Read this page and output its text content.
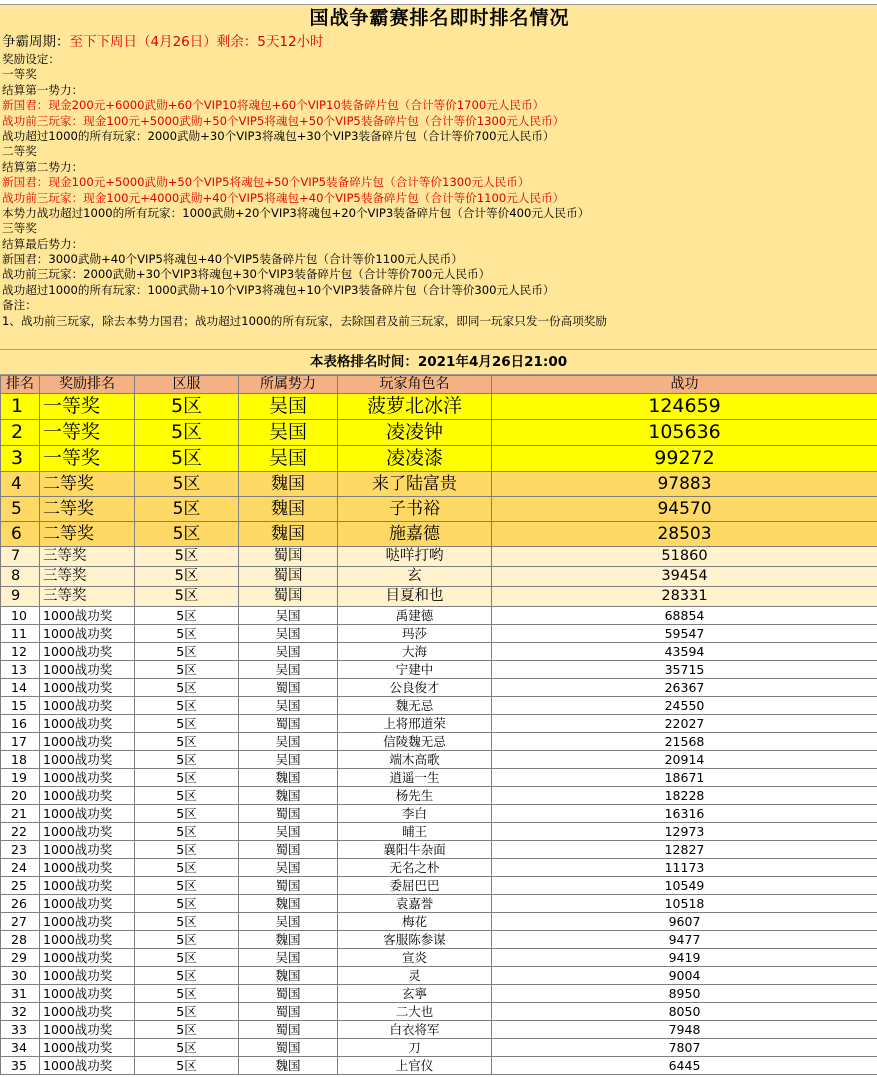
国战争霸赛排名即时排名情况
争霸周期：至下下周日（4月26日）剩余：5天12小时
奖励设定：
一等奖
结算第一势力：
新国君：现金200元+6000武勋+60个VIP10将魂包+60个VIP10装备碎片包（合计等价1700元人民币）
战功前三玩家：现金100元+5000武勋+50个VIP5将魂包+50个VIP5装备碎片包（合计等价1300元人民币）
战功超过1000的所有玩家：2000武勋+30个VIP3将魂包+30个VIP3装备碎片包（合计等价700元人民币）
二等奖
结算第二势力：
新国君：现金100元+5000武勋+50个VIP5将魂包+50个VIP5装备碎片包（合计等价1300元人民币）
战功前三玩家：现金100元+4000武勋+40个VIP5将魂包+40个VIP5装备碎片包（合计等价1100元人民币）
本势力战功超过1000的所有玩家：1000武勋+20个VIP3将魂包+20个VIP3装备碎片包（合计等价400元人民币）
三等奖
结算最后势力：
新国君：3000武勋+40个VIP5将魂包+40个VIP5装备碎片包（合计等价1100元人民币）
战功前三玩家：2000武勋+30个VIP3将魂包+30个VIP3装备碎片包（合计等价700元人民币）
战功超过1000的所有玩家：1000武勋+10个VIP3将魂包+10个VIP3装备碎片包（合计等价300元人民币）
备注：
1、战功前三玩家，除去本势力国君；战功超过1000的所有玩家，去除国君及前三玩家，即同一玩家只发一份高项奖励
本表格排名时间：2021年4月26日21:00
排名	奖励排名	区服	所属势力	玩家角色名	战功
1	一等奖	5区	吴国	菠萝北冰洋	124659
2	一等奖	5区	吴国	凌凌钟	105636
3	一等奖	5区	吴国	凌凌漆	99272
4	二等奖	5区	魏国	来了陆富贵	97883
5	二等奖	5区	魏国	子书裕	94570
6	二等奖	5区	魏国	施嘉德	28503
7	三等奖	5区	蜀国	哒咩打哟	51860
8	三等奖	5区	蜀国	玄	39454
9	三等奖	5区	蜀国	目夏和也	28331
10	1000战功奖	5区	吴国	禹建德	68854
11	1000战功奖	5区	吴国	玛莎	59547
12	1000战功奖	5区	吴国	大海	43594
13	1000战功奖	5区	吴国	宁建中	35715
14	1000战功奖	5区	蜀国	公良俊才	26367
15	1000战功奖	5区	吴国	魏无忌	24550
16	1000战功奖	5区	蜀国	上将邢道荣	22027
17	1000战功奖	5区	吴国	信陵魏无忌	21568
18	1000战功奖	5区	吴国	端木高歌	20914
19	1000战功奖	5区	魏国	逍遥一生	18671
20	1000战功奖	5区	魏国	杨先生	18228
21	1000战功奖	5区	蜀国	李白	16316
22	1000战功奖	5区	吴国	晡王	12973
23	1000战功奖	5区	蜀国	襄阳牛杂面	12827
24	1000战功奖	5区	吴国	无名之朴	11173
25	1000战功奖	5区	蜀国	委屈巴巴	10549
26	1000战功奖	5区	魏国	袁嘉誉	10518
27	1000战功奖	5区	吴国	梅花	9607
28	1000战功奖	5区	魏国	客服陈参谋	9477
29	1000战功奖	5区	吴国	宣炎	9419
30	1000战功奖	5区	魏国	灵	9004
31	1000战功奖	5区	蜀国	玄寧	8950
32	1000战功奖	5区	蜀国	二大也	8050
33	1000战功奖	5区	蜀国	白衣将军	7948
34	1000战功奖	5区	蜀国	刀	7807
35	1000战功奖	5区	魏国	上官仪	6445
